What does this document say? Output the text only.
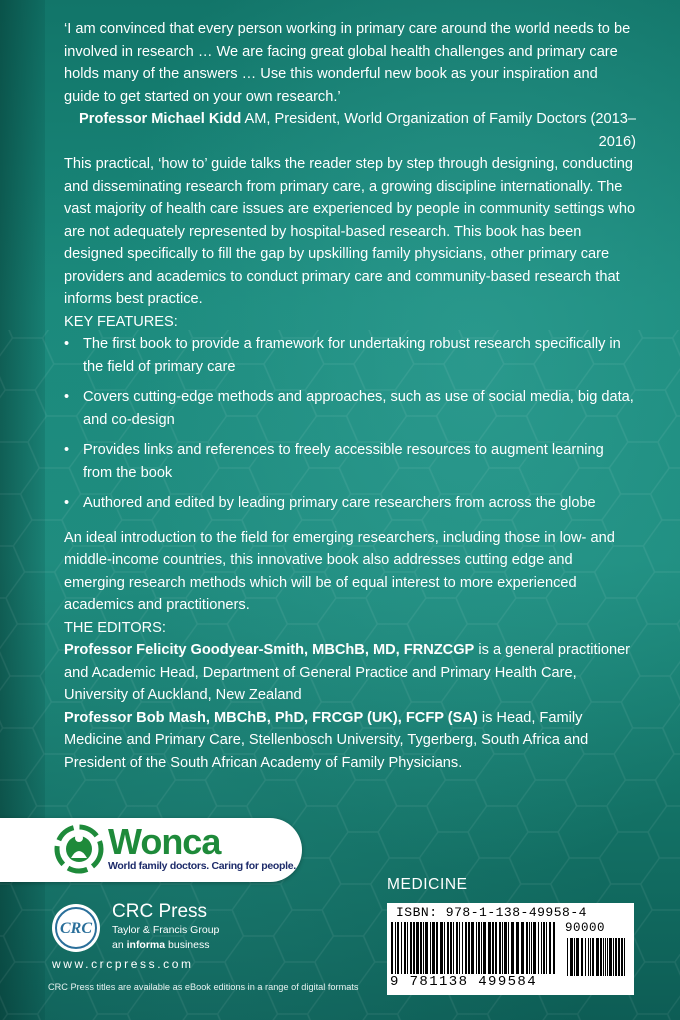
‘I am convinced that every person working in primary care around the world needs to be involved in research … We are facing great global health challenges and primary care holds many of the answers … Use this wonderful new book as your inspiration and guide to get started on your own research.’

Professor Michael Kidd AM, President, World Organization of Family Doctors (2013–2016)

This practical, ‘how to’ guide talks the reader step by step through designing, conducting and disseminating research from primary care, a growing discipline internationally. The vast majority of health care issues are experienced by people in community settings who are not adequately represented by hospital-based research. This book has been designed specifically to fill the gap by upskilling family physicians, other primary care providers and academics to conduct primary care and community-based research that informs best practice.

KEY FEATURES:

• The first book to provide a framework for undertaking robust research specifically in the field of primary care
• Covers cutting-edge methods and approaches, such as use of social media, big data, and co-design
• Provides links and references to freely accessible resources to augment learning from the book
• Authored and edited by leading primary care researchers from across the globe

An ideal introduction to the field for emerging researchers, including those in low- and middle-income countries, this innovative book also addresses cutting edge and emerging research methods which will be of equal interest to more experienced academics and practitioners.

THE EDITORS:

Professor Felicity Goodyear-Smith, MBChB, MD, FRNZCGP is a general practitioner and Academic Head, Department of General Practice and Primary Health Care, University of Auckland, New Zealand

Professor Bob Mash, MBChB, PhD, FRCGP (UK), FCFP (SA) is Head, Family Medicine and Primary Care, Stellenbosch University, Tygerberg, South Africa and President of the South African Academy of Family Physicians.

Wonca
World family doctors. Caring for people.
CRC
CRC Press
Taylor & Francis Group
an informa business
www.crcpress.com
CRC Press titles are available as eBook editions in a range of digital formats
MEDICINE
ISBN: 978-1-138-49958-4
90000
9 781138 499584
